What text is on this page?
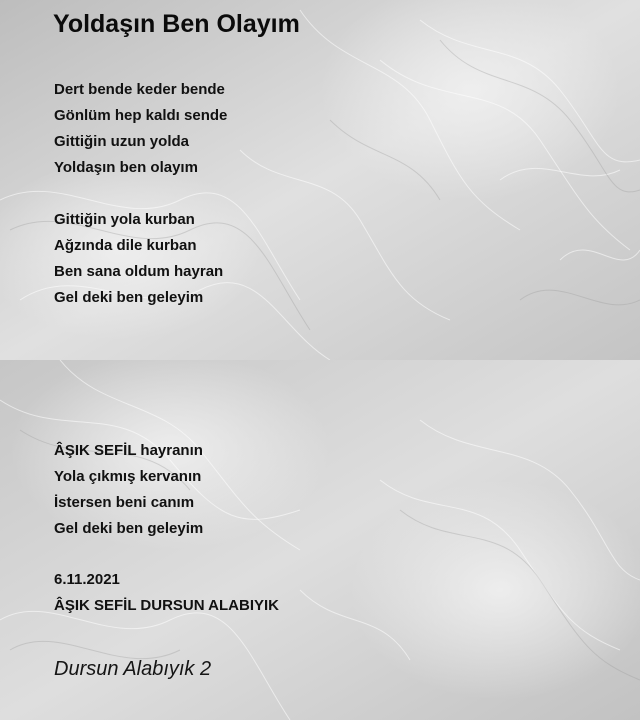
Yoldaşın Ben Olayım
Dert bende keder bende
Gönlüm hep kaldı sende
Gittiğin uzun yolda
Yoldaşın ben olayım
Gittiğin yola kurban
Ağzında dile kurban
Ben sana oldum hayran
Gel deki ben geleyim
ÂŞIK SEFİL hayranın
Yola çıkmış kervanın
İstersen beni canım
Gel deki ben geleyim
6.11.2021
ÂŞIK SEFİL DURSUN ALABIYIK
Dursun Alabıyık 2
